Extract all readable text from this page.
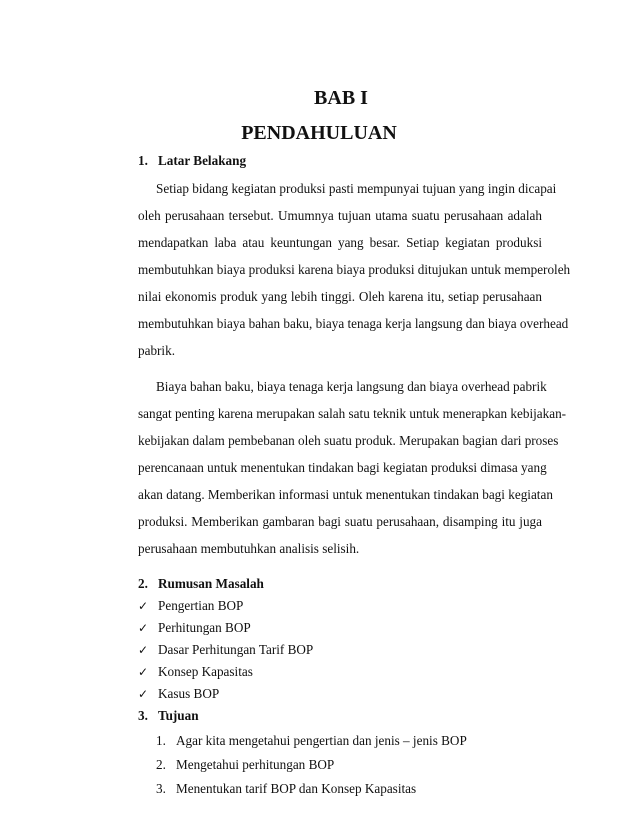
BAB I
PENDAHULUAN
1. Latar Belakang
Setiap bidang kegiatan produksi pasti mempunyai tujuan yang ingin dicapai
oleh perusahaan tersebut. Umumnya tujuan utama suatu perusahaan adalah
mendapatkan laba atau keuntungan yang besar. Setiap kegiatan produksi
membutuhkan biaya produksi karena biaya produksi ditujukan untuk memperoleh
nilai ekonomis produk yang lebih tinggi. Oleh karena itu, setiap perusahaan
membutuhkan biaya bahan baku, biaya tenaga kerja langsung dan biaya overhead
pabrik.
Biaya bahan baku, biaya tenaga kerja langsung dan biaya overhead pabrik
sangat penting karena merupakan salah satu teknik untuk menerapkan kebijakan-
kebijakan dalam pembebanan oleh suatu produk. Merupakan bagian dari proses
perencanaan untuk menentukan tindakan bagi kegiatan produksi dimasa yang
akan datang. Memberikan informasi untuk menentukan tindakan bagi kegiatan
produksi. Memberikan gambaran bagi suatu perusahaan, disamping itu juga
perusahaan membutuhkan analisis selisih.
2. Rumusan Masalah
✓ Pengertian BOP
✓ Perhitungan BOP
✓ Dasar Perhitungan Tarif BOP
✓ Konsep Kapasitas
✓ Kasus BOP
3. Tujuan
1. Agar kita mengetahui pengertian dan jenis – jenis BOP
2. Mengetahui perhitungan BOP
3. Menentukan tarif BOP dan Konsep Kapasitas
